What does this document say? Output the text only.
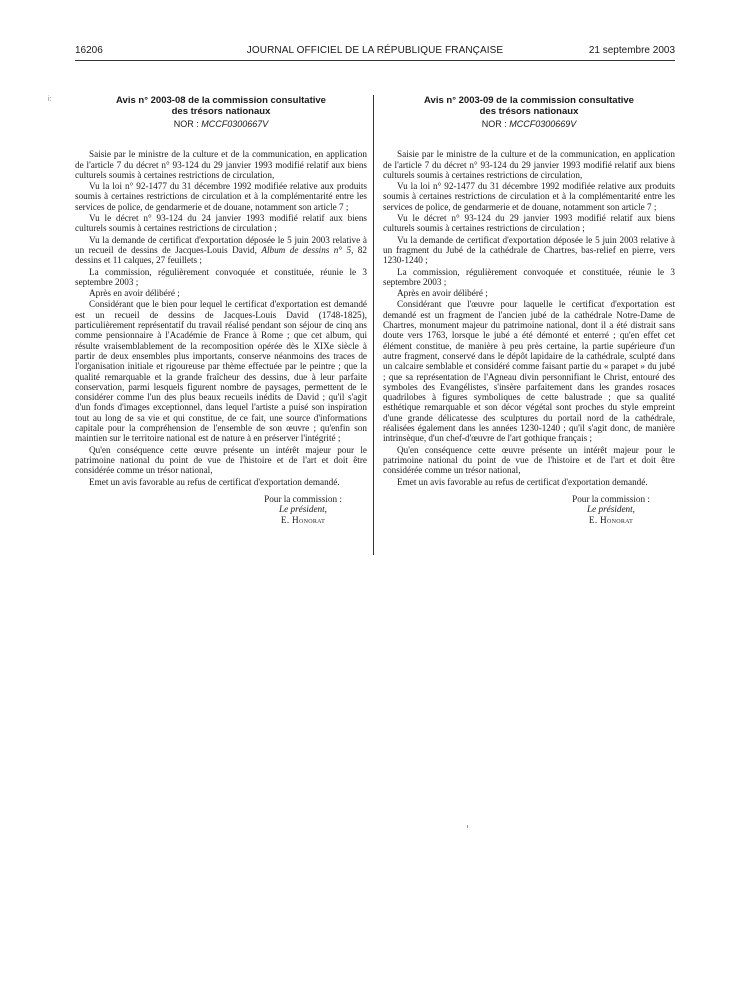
16206	JOURNAL OFFICIEL DE LA RÉPUBLIQUE FRANÇAISE	21 septembre 2003
i:	Avis n° 2003-08 de la commission consultative

des trésors nationaux

NOR : MCCF0300667V

Saisie par le ministre de la culture et de la communication, en application de l'article 7 du décret n° 93-124 du 29 janvier 1993 modifié relatif aux biens culturels soumis à certaines restrictions de circulation,

Vu la loi n° 92-1477 du 31 décembre 1992 modifiée relative aux produits soumis à certaines restrictions de circulation et à la complémentarité entre les services de police, de gendarmerie et de douane, notamment son article 7 ;

Vu le décret n° 93-124 du 24 janvier 1993 modifié relatif aux biens culturels soumis à certaines restrictions de circulation ;

Vu la demande de certificat d'exportation déposée le 5 juin 2003 relative à un recueil de dessins de Jacques-Louis David, Album de dessins n° 5, 82 dessins et 11 calques, 27 feuillets ;

La commission, régulièrement convoquée et constituée, réunie le 3 septembre 2003 ;

Après en avoir délibéré ;

Considérant que le bien pour lequel le certificat d'exportation est demandé est un recueil de dessins de Jacques-Louis David (1748-1825), particulièrement représentatif du travail réalisé pendant son séjour de cinq ans comme pensionnaire à l'Académie de France à Rome ; que cet album, qui résulte vraisemblablement de la recomposition opérée dès le XIXe siècle à partir de deux ensembles plus importants, conserve néanmoins des traces de l'organisation initiale et rigoureuse par thème effectuée par le peintre ; que la qualité remarquable et la grande fraîcheur des dessins, due à leur parfaite conservation, parmi lesquels figurent nombre de paysages, permettent de le considérer comme l'un des plus beaux recueils inédits de David ; qu'il s'agit d'un fonds d'images exceptionnel, dans lequel l'artiste a puisé son inspiration tout au long de sa vie et qui constitue, de ce fait, une source d'informations capitale pour la compréhension de l'ensemble de son œuvre ; qu'enfin son maintien sur le territoire national est de nature à en préserver l'intégrité ;

Qu'en conséquence cette œuvre présente un intérêt majeur pour le patrimoine national du point de vue de l'histoire et de l'art et doit être considérée comme un trésor national,

Emet un avis favorable au refus de certificat d'exportation demandé.

Pour la commission :
Le président,
E. Honorat

Avis n° 2003-09 de la commission consultative

des trésors nationaux

NOR : MCCF0300669V

Saisie par le ministre de la culture et de la communication, en application de l'article 7 du décret n° 93-124 du 29 janvier 1993 modifié relatif aux biens culturels soumis à certaines restrictions de circulation,

Vu la loi n° 92-1477 du 31 décembre 1992 modifiée relative aux produits soumis à certaines restrictions de circulation et à la complémentarité entre les services de police, de gendarmerie et de douane, notamment son article 7 ;

Vu le décret n° 93-124 du 29 janvier 1993 modifié relatif aux biens culturels soumis à certaines restrictions de circulation ;

Vu la demande de certificat d'exportation déposée le 5 juin 2003 relative à un fragment du Jubé de la cathédrale de Chartres, bas-relief en pierre, vers 1230-1240 ;

La commission, régulièrement convoquée et constituée, réunie le 3 septembre 2003 ;

Après en avoir délibéré ;

Considérant que l'œuvre pour laquelle le certificat d'exportation est demandé est un fragment de l'ancien jubé de la cathédrale Notre-Dame de Chartres, monument majeur du patrimoine national, dont il a été distrait sans doute vers 1763, lorsque le jubé a été démonté et enterré ; qu'en effet cet élément constitue, de manière à peu près certaine, la partie supérieure d'un autre fragment, conservé dans le dépôt lapidaire de la cathédrale, sculpté dans un calcaire semblable et considéré comme faisant partie du « parapet » du jubé ; que sa représentation de l'Agneau divin personnifiant le Christ, entouré des symboles des Evangélistes, s'insère parfaitement dans les grandes rosaces quadrilobes à figures symboliques de cette balustrade ; que sa qualité esthétique remarquable et son décor végétal sont proches du style empreint d'une grande délicatesse des sculptures du portail nord de la cathédrale, réalisées également dans les années 1230-1240 ; qu'il s'agit donc, de manière intrinsèque, d'un chef-d'œuvre de l'art gothique français ;

Qu'en conséquence cette œuvre présente un intérêt majeur pour le patrimoine national du point de vue de l'histoire et de l'art et doit être considérée comme un trésor national,

Emet un avis favorable au refus de certificat d'exportation demandé.

Pour la commission :
Le président,
E. Honorat
